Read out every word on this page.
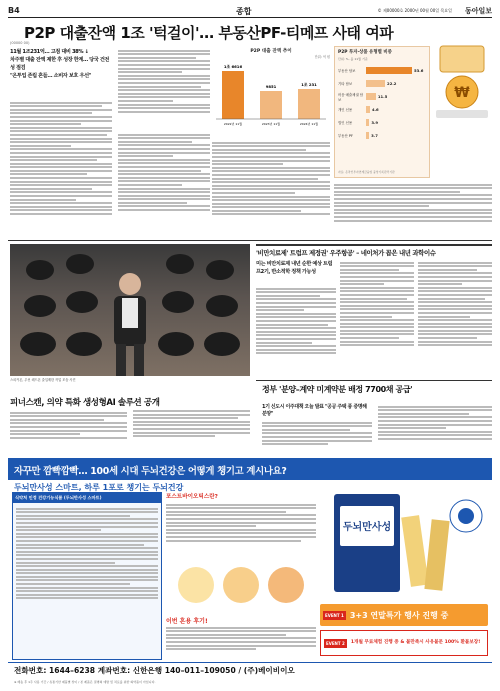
B4	종합	© 제00000호 2000년 00월 00일 목요일 동아일보
P2P 대출잔액 1조 '턱걸이'… 부동산PF-티메프 사태 여파
(00000 00)
11월 1조231억… 고점 대비 38% ↓
차주별 대출 잔액 제한 후 성장 한계… 당국 건전성 점검
"온투업 존립 흔들… 소비자 보호 우선"
P2P 대출 잔액 추이
단위: 억 원
1조 6616
9851	1조 231
2022년 11월	2023년 11월	2024년 11월
P2P 투자·상품 유형별 비중
단위: %, 올 11월 기준
부동산 담보	53.6
기타 담보	22.2
어음·매출채권 담보
11.5
개인 신용	4.6
법인 신용	3.9
부동산 PF	3.7
자료: 온라인투자연계금융업 중앙기록관리기관
₩
스피커폰, 무선 헤드폰 출입제한 작업 모습 사진
피너스캔, 의약 특화 생성형AI 솔루션 공개
'비만치료제' 트럼프 제정권' 우주항공' – 네이처가 꼽은 내년 과학이슈
미는 비만치료제 내년 순한 예상 트럼프2기, 반소적학 정책 가능성
정부 '분양–계약 미계약분 배정 7700채 공급'
1기 신도시 이주대책 오늘 발표 "공공 주택 풍 증명해 분양"
자꾸만 깜빡깜빡… 100세 시대 두뇌건강은 어떻게 챙기고 계시나요?
두뇌만사성 스마트, 하루 1포로 챙기는 두뇌건강
식약처 인정 건강기능식품 (두뇌만사성 스마트)	포스트바이오틱스란?
이번 혼용 후기!
두뇌만사성
EVENT 1 3+3 연말특가 행사 진행 중
EVENT 2	1개월 무료체험 진행 중 & 불만족시 사유불문 100% 환불보장!
전화번호: 1644–6238 계좌번호: 신한은행 140–011–109050 / (주)베이비이오
※ 배송 후 1주 사용 기간 / 유통기한 제품별 상이 / 본 제품은 질병의 예방 및 치료를 위한 의약품이 아닙니다.
